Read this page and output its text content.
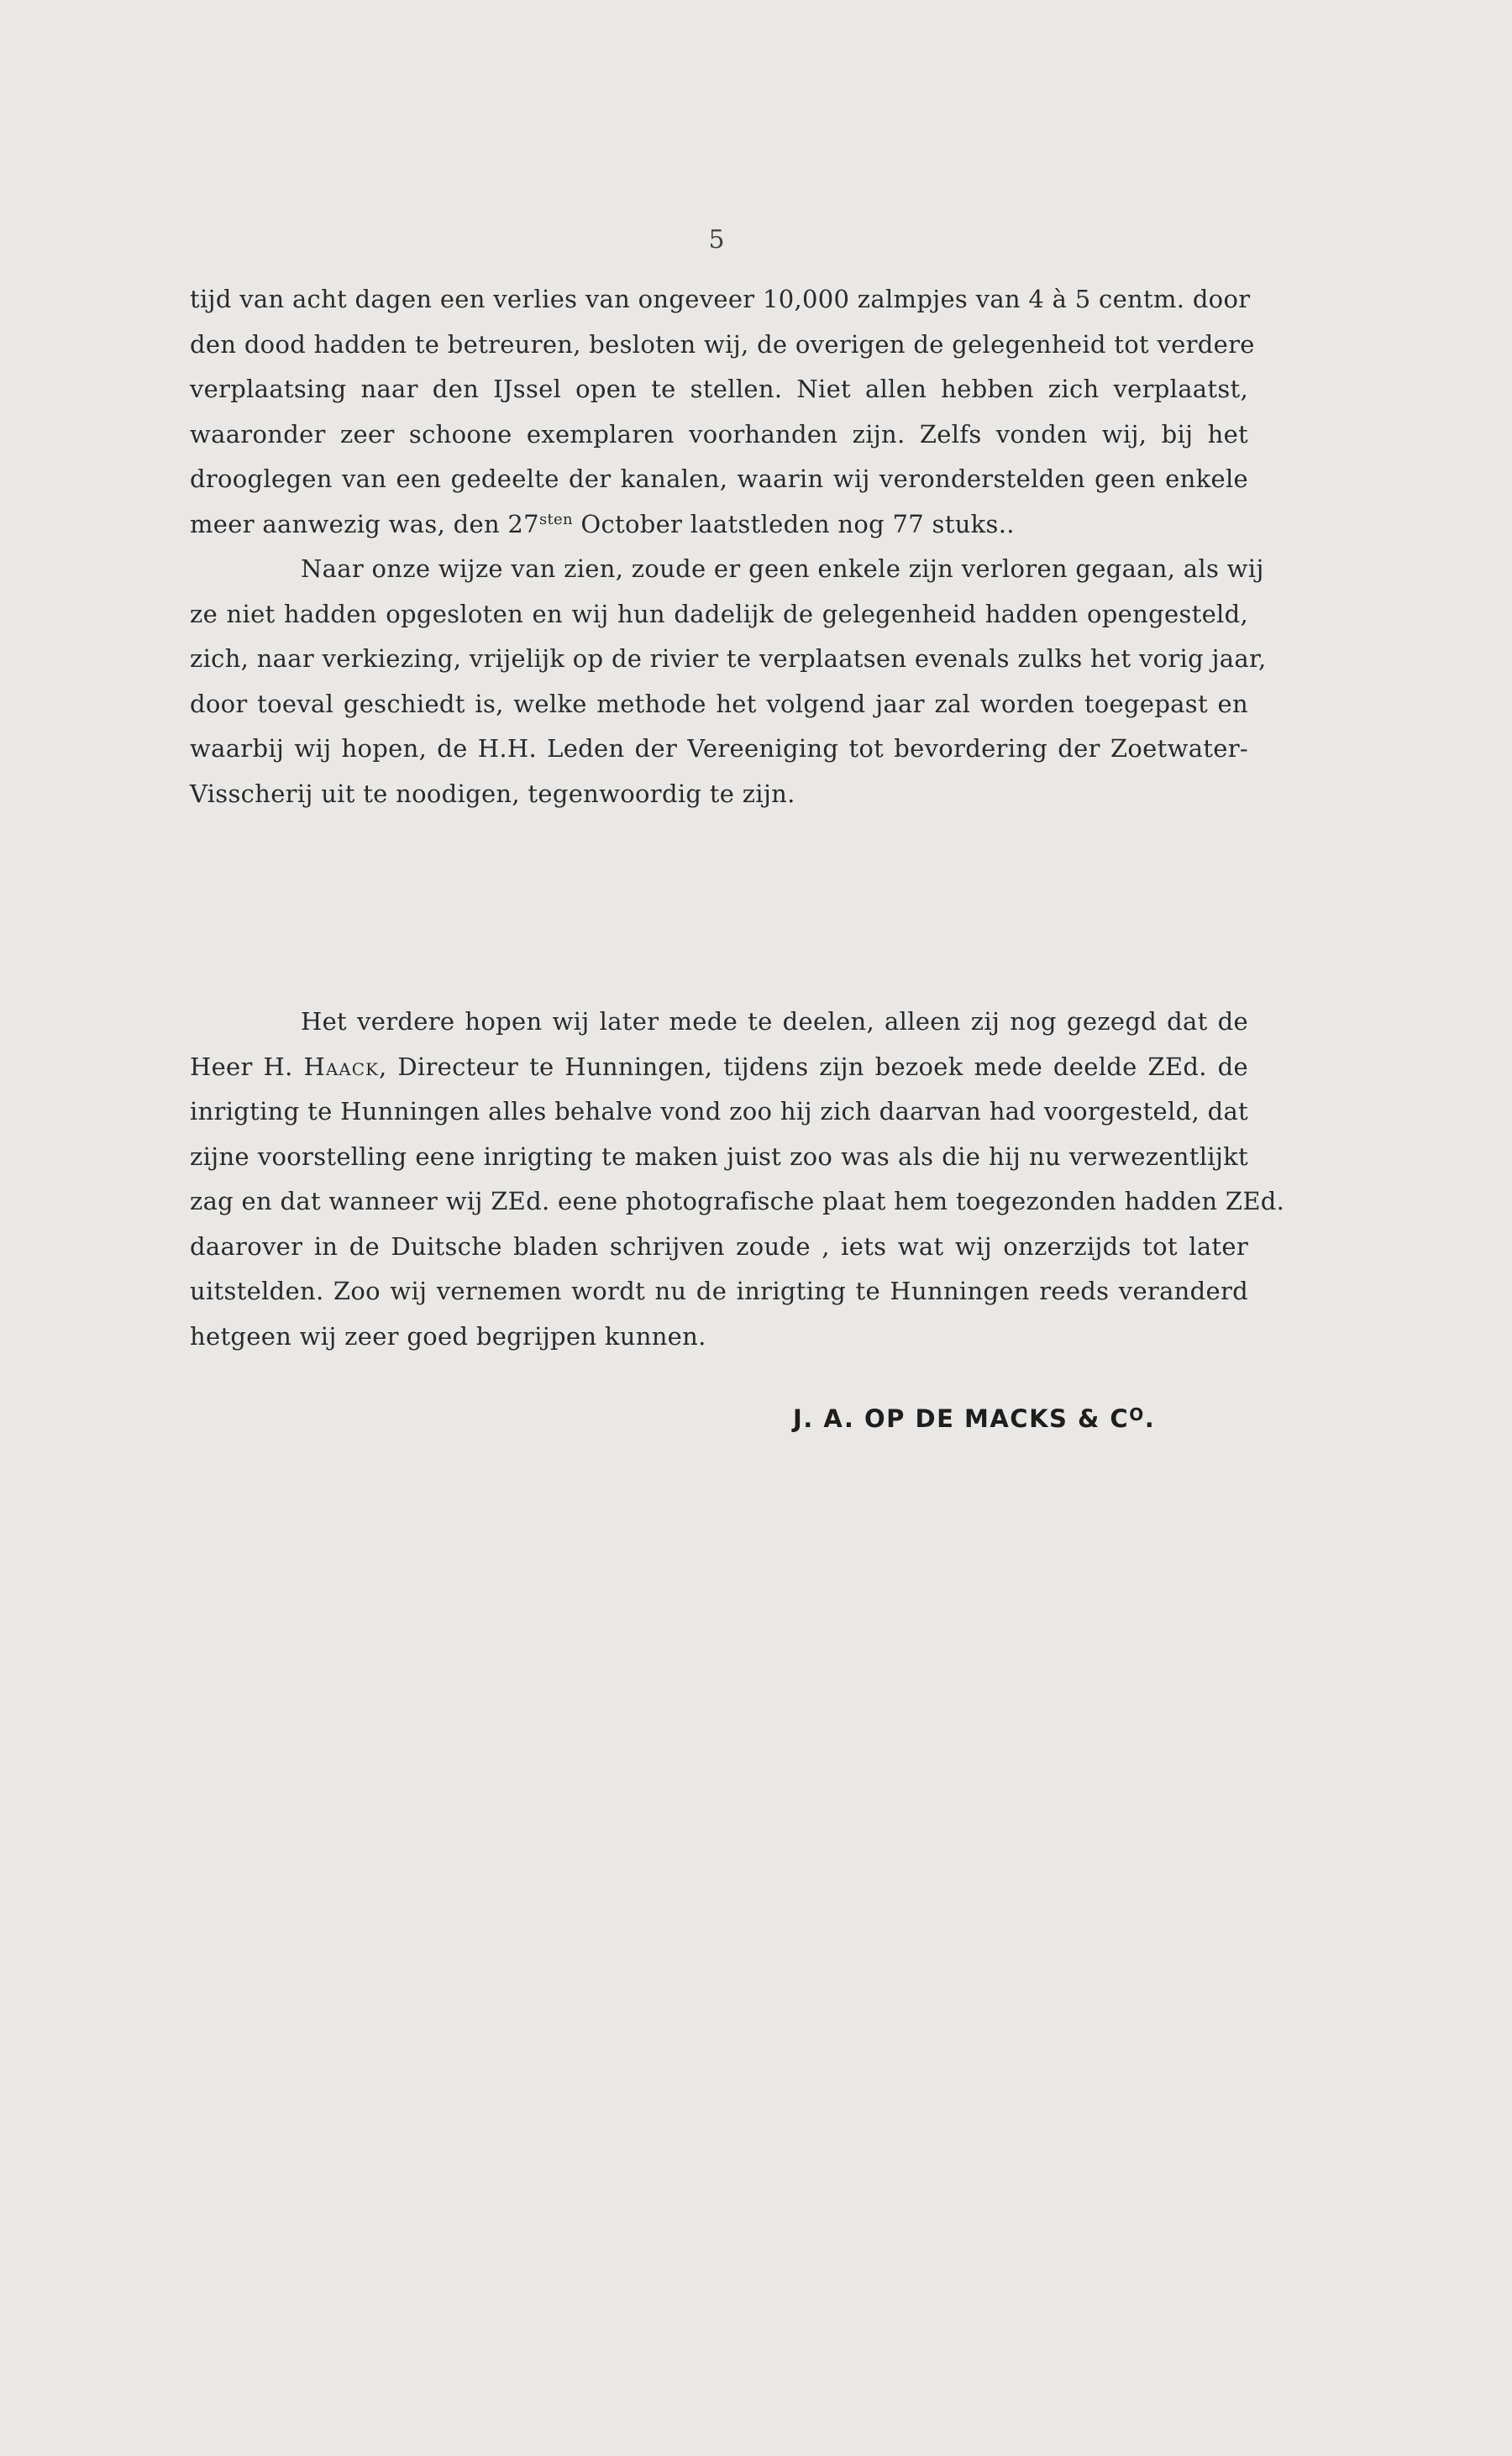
5
tijd van acht dagen een verlies van ongeveer 10,000 zalmpjes van 4 à 5 centm. door
den dood hadden te betreuren, besloten wij, de overigen de gelegenheid tot verdere
verplaatsing naar den IJssel open te stellen. Niet allen hebben zich verplaatst,
waaronder zeer schoone exemplaren voorhanden zijn. Zelfs vonden wij, bij het
drooglegen van een gedeelte der kanalen, waarin wij veronderstelden geen enkele
meer aanwezig was, den $27^{sten}$ October laatstleden nog 77 stuks..
Naar onze wijze van zien, zoude er geen enkele zijn verloren gegaan, als wij
ze niet hadden opgesloten en wij hun dadelijk de gelegenheid hadden opengesteld,
zich, naar verkiezing, vrijelijk op de rivier te verplaatsen evenals zulks het vorig jaar,
door toeval geschiedt is, welke methode het volgend jaar zal worden toegepast en
waarbij wij hopen, de H.H. Leden der Vereeniging tot bevordering der Zoetwater-
Visscherij uit te noodigen, tegenwoordig te zijn.
Het verdere hopen wij later mede te deelen, alleen zij nog gezegd dat de
Heer H. Haack, Directeur te Hunningen, tijdens zijn bezoek mede deelde ZEd. de
inrigting te Hunningen alles behalve vond zoo hij zich daarvan had voorgesteld, dat
zijne voorstelling eene inrigting te maken juist zoo was als die hij nu verwezentlijkt
zag en dat wanneer wij ZEd. eene photografische plaat hem toegezonden hadden ZEd.
daarover in de Duitsche bladen schrijven zoude , iets wat wij onzerzijds tot later
uitstelden. Zoo wij vernemen wordt nu de inrigting te Hunningen reeds veranderd
hetgeen wij zeer goed begrijpen kunnen.
J. A. OP DE MACKS & $C^O$.
